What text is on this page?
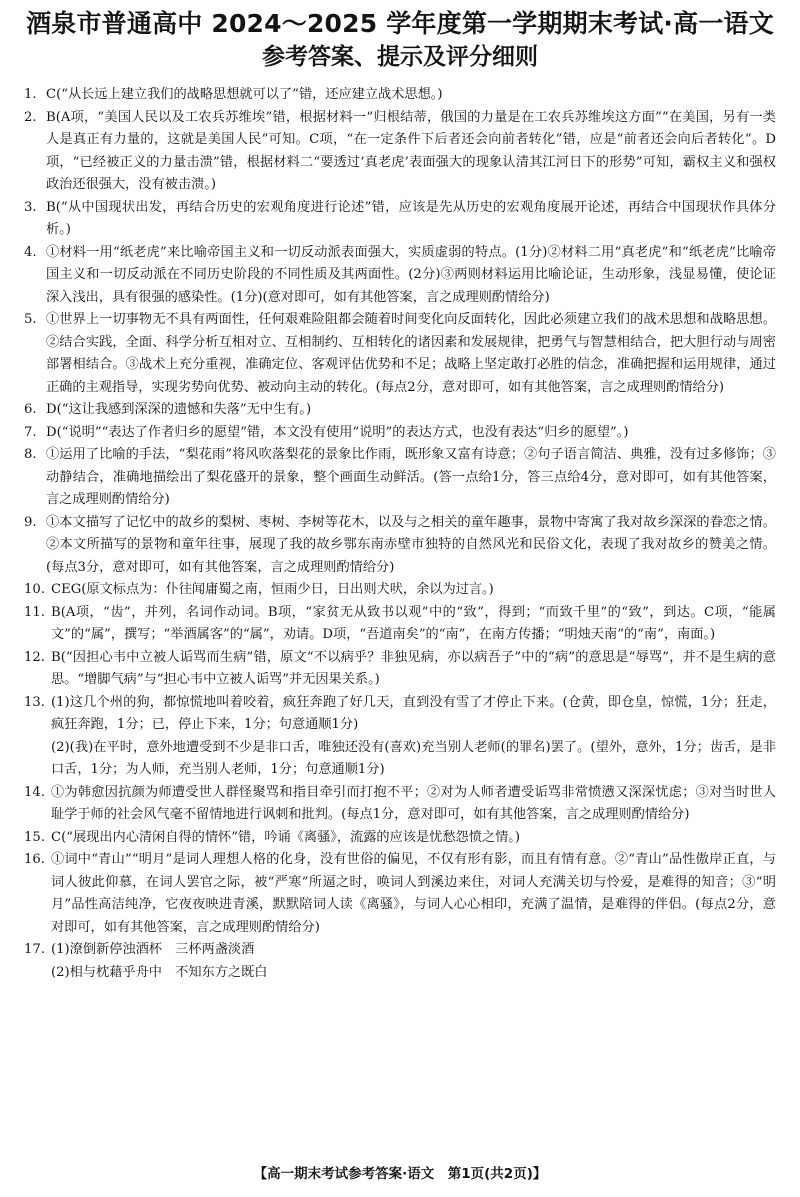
酒泉市普通高中 2024～2025 学年度第一学期期末考试·高一语文
参考答案、提示及评分细则
1. C(“从长远上建立我们的战略思想就可以了”错，还应建立战术思想。)
2. B(A项，“美国人民以及工农兵苏维埃”错，根据材料一“归根结蒂，俄国的力量是在工农兵苏维埃这方面”“在美国，另有一类人是真正有力量的，这就是美国人民”可知。C项，“在一定条件下后者还会向前者转化”错，应是“前者还会向后者转化”。D项，“已经被正义的力量击溃”错，根据材料二“要透过‘真老虎’表面强大的现象认清其江河日下的形势”可知，霸权主义和强权政治还很强大，没有被击溃。)
3. B(“从中国现状出发，再结合历史的宏观角度进行论述”错，应该是先从历史的宏观角度展开论述，再结合中国现状作具体分析。)
4. ①材料一用“纸老虎”来比喻帝国主义和一切反动派表面强大，实质虚弱的特点。(1分)②材料二用“真老虎”和“纸老虎”比喻帝国主义和一切反动派在不同历史阶段的不同性质及其两面性。(2分)③两则材料运用比喻论证，生动形象，浅显易懂，使论证深入浅出，具有很强的感染性。(1分)(意对即可，如有其他答案，言之成理则酌情给分)
5. ①世界上一切事物无不具有两面性，任何艰难险阻都会随着时间变化向反面转化，因此必须建立我们的战术思想和战略思想。②结合实践，全面、科学分析互相对立、互相制约、互相转化的诸因素和发展规律，把勇气与智慧相结合，把大胆行动与周密部署相结合。③战术上充分重视，准确定位、客观评估优势和不足；战略上坚定敢打必胜的信念，准确把握和运用规律，通过正确的主观指导，实现劣势向优势、被动向主动的转化。(每点2分，意对即可，如有其他答案，言之成理则酌情给分)
6. D(“这让我感到深深的遗憾和失落”无中生有。)
7. D(“说明”“表达了作者归乡的愿望”错，本文没有使用“说明”的表达方式，也没有表达“归乡的愿望”。)
8. ①运用了比喻的手法，“梨花雨”将风吹落梨花的景象比作雨，既形象又富有诗意；②句子语言简洁、典雅，没有过多修饰；③动静结合，准确地描绘出了梨花盛开的景象，整个画面生动鲜活。(答一点给1分，答三点给4分，意对即可，如有其他答案，言之成理则酌情给分)
9. ①本文描写了记忆中的故乡的梨树、枣树、李树等花木，以及与之相关的童年趣事，景物中寄寓了我对故乡深深的眷恋之情。②本文所描写的景物和童年往事，展现了我的故乡鄂东南赤壁市独特的自然风光和民俗文化，表现了我对故乡的赞美之情。(每点3分，意对即可，如有其他答案，言之成理则酌情给分)
10. CEG(原文标点为：仆往闻庸蜀之南，恒雨少日，日出则犬吠，余以为过言。)
11. B(A项，“齿”，并列，名词作动词。B项，“家贫无从致书以观”中的“致”，得到；“而致千里”的“致”，到达。C项，“能属文”的“属”，撰写；“举酒属客”的“属”，劝请。D项，“吾道南矣”的“南”，在南方传播；“明烛天南”的“南”，南面。)
12. B(“因担心韦中立被人诟骂而生病”错，原文“不以病乎？非独见病，亦以病吾子”中的“病”的意思是“辱骂”，并不是生病的意思。“增脚气病”与“担心韦中立被人诟骂”并无因果关系。)
13. (1)这几个州的狗，都惊慌地叫着咬着，疯狂奔跑了好几天，直到没有雪了才停止下来。(仓黄，即仓皇，惊慌，1分；狂走，疯狂奔跑，1分；已，停止下来，1分；句意通顺1分)
(2)(我)在平时，意外地遭受到不少是非口舌，唯独还没有(喜欢)充当别人老师(的罪名)罢了。(望外，意外，1分；齿舌，是非口舌，1分；为人师，充当别人老师，1分；句意通顺1分)
14. ①为韩愈因抗颜为师遭受世人群怪聚骂和指目牵引而打抱不平；②对为人师者遭受诟骂非常愤懑又深深忧虑；③对当时世人耻学于师的社会风气毫不留情地进行讽刺和批判。(每点1分，意对即可，如有其他答案，言之成理则酌情给分)
15. C(“展现出内心清闲自得的情怀”错，吟诵《离骚》，流露的应该是忧愁怨愤之情。)
16. ①词中“青山”“明月”是词人理想人格的化身，没有世俗的偏见，不仅有形有影，而且有情有意。②“青山”品性傲岸正直，与词人彼此仰慕，在词人罢官之际，被“严寒”所逼之时，唤词人到溪边来住，对词人充满关切与怜爱，是难得的知音；③“明月”品性高洁纯净，它夜夜映进青溪，默默陪词人读《离骚》，与词人心心相印，充满了温情，是难得的伴侣。(每点2分，意对即可，如有其他答案，言之成理则酌情给分)
17. (1)潦倒新停浊酒杯　三杯两盏淡酒
(2)相与枕藉乎舟中　不知东方之既白
【高一期末考试参考答案·语文　第1页(共2页)】
